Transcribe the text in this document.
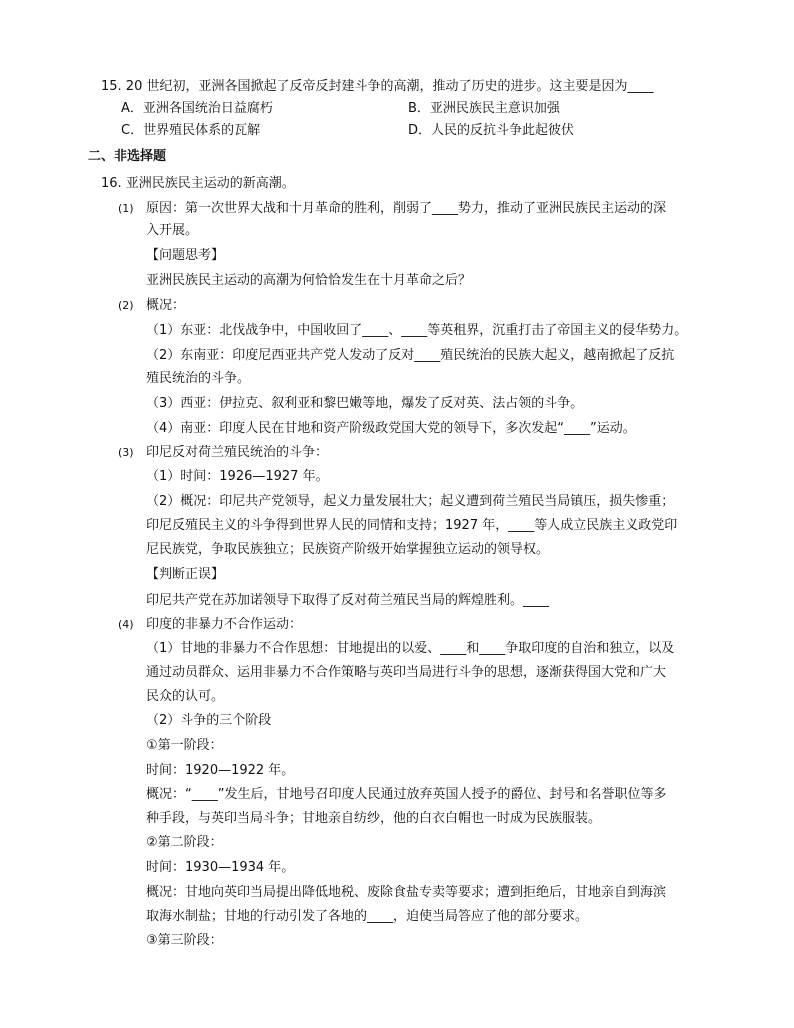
15. 20 世纪初，亚洲各国掀起了反帝反封建斗争的高潮，推动了历史的进步。这主要是因为____
A．亚洲各国统治日益腐朽	B．亚洲民族民主意识加强
C．世界殖民体系的瓦解	D．人民的反抗斗争此起彼伏
二、非选择题
16. 亚洲民族民主运动的新高潮。
(1) 原因：第一次世界大战和十月革命的胜利，削弱了____势力，推动了亚洲民族民主运动的深
入开展。
【问题思考】
亚洲民族民主运动的高潮为何恰恰发生在十月革命之后？
(2) 概况：
（1）东亚：北伐战争中，中国收回了____、____等英租界，沉重打击了帝国主义的侵华势力。
（2）东南亚：印度尼西亚共产党人发动了反对____殖民统治的民族大起义，越南掀起了反抗
殖民统治的斗争。
（3）西亚：伊拉克、叙利亚和黎巴嫩等地，爆发了反对英、法占领的斗争。
（4）南亚：印度人民在甘地和资产阶级政党国大党的领导下，多次发起“____”运动。
(3) 印尼反对荷兰殖民统治的斗争：
（1）时间：1926—1927 年。
（2）概况：印尼共产党领导，起义力量发展壮大；起义遭到荷兰殖民当局镇压，损失惨重；
印尼反殖民主义的斗争得到世界人民的同情和支持；1927 年，____等人成立民族主义政党印
尼民族党，争取民族独立；民族资产阶级开始掌握独立运动的领导权。
【判断正误】
印尼共产党在苏加诺领导下取得了反对荷兰殖民当局的辉煌胜利。____
(4) 印度的非暴力不合作运动：
（1）甘地的非暴力不合作思想：甘地提出的以爱、____和____争取印度的自治和独立，以及
通过动员群众、运用非暴力不合作策略与英印当局进行斗争的思想，逐渐获得国大党和广大
民众的认可。
（2）斗争的三个阶段
①第一阶段：
时间：1920—1922 年。
概况：“____”发生后，甘地号召印度人民通过放弃英国人授予的爵位、封号和名誉职位等多
种手段，与英印当局斗争；甘地亲自纺纱，他的白衣白帽也一时成为民族服装。
②第二阶段：
时间：1930—1934 年。
概况：甘地向英印当局提出降低地税、废除食盐专卖等要求；遭到拒绝后，甘地亲自到海滨
取海水制盐；甘地的行动引发了各地的____，迫使当局答应了他的部分要求。
③第三阶段：
